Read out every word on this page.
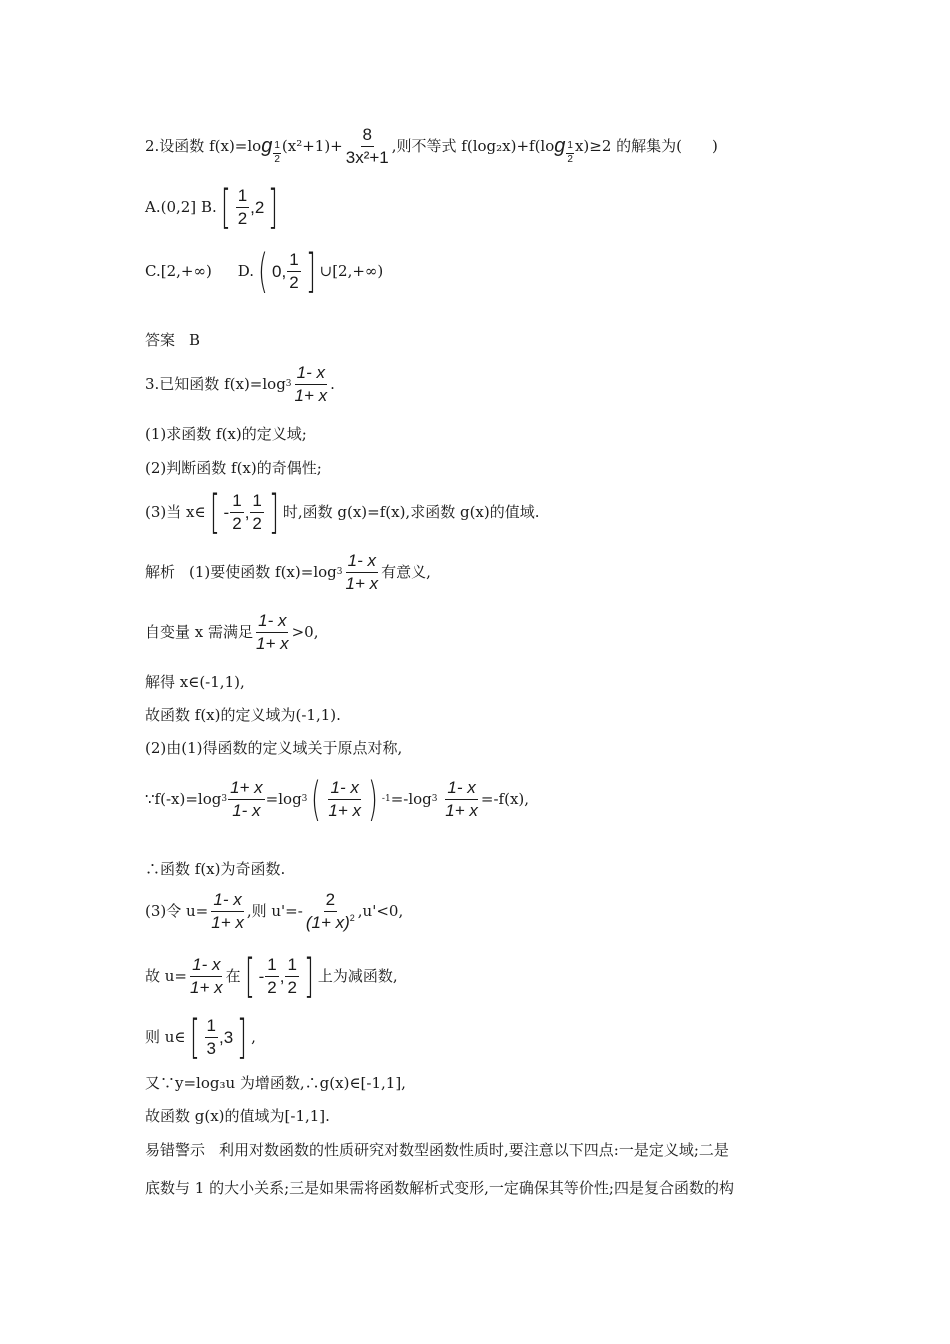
2.设函数 f(x)=lo g $\frac{1}{2} (x^2+1)+ \frac{8}{\text{3x²+1}}$ ,则不等式 f(log₂x)+f(lo g $\frac{1}{2} x)\ge 2$ 的解集为(　　)
A.(0,2]
B. [ $\frac{1}{2} ,2$ ]
C.[2,+∞) D. ( 0, $\frac{1}{2}$ ] ∪[2,+∞)
答案 B
3.已知函数 f(x)=log $3 \frac{1- x}{1+ x}$ .
(1)求函数 f(x)的定义域;
(2)判断函数 f(x)的奇偶性;
(3)当 x∈ [ - $\frac{1}{2}$ , $\frac{1}{2}$ ] 时,函数 g(x)=f(x),求函数 g(x)的值域.
解析 (1)要使函数 f(x)=log $3 \frac{1- x}{1+ x}$ 有意义,
自变量 x 需满足 $\frac{1- x}{1+ x} >0$,
解得 x∈(-1,1),
故函数 f(x)的定义域为(-1,1).
(2)由(1)得函数的定义域关于原点对称,
∵f(-x)=log $3 \frac{1+ x}{1- x} =\log$ 3 ( $\frac{1- x}{1+ x}$ ) -1 =-log 3
$\frac{1- x}{1+ x} =-f(x)$,
∴函数 f(x)为奇函数.
(3)令 $u= \frac{1- x}{1+ x}$ ,则 $u'=- \frac{2}{(1+ x)^2} ,u'<0$,
故 $u= \frac{1- x}{1+ x}$ 在 [ - $\frac{1}{2}$ , $\frac{1}{2}$ ] 上为减函数,
则 u∈ [ $\frac{1}{3} ,3$ ] ,
又∵y=log₃u 为增函数,∴g(x)∈[-1,1],
故函数 g(x)的值域为[-1,1].
易错警示 利用对数函数的性质研究对数型函数性质时,要注意以下四点:一是定义域;二是
底数与 1 的大小关系;三是如果需将函数解析式变形,一定确保其等价性;四是复合函数的构
